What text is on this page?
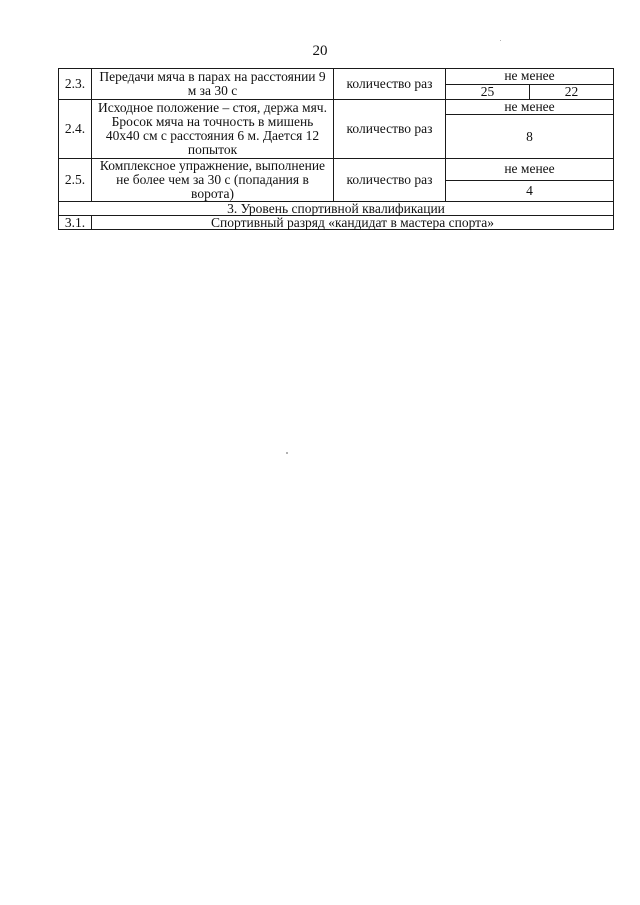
20
2.3.	Передачи мяча в парах на расстоянии 9 м за 30 с	количество раз	не менее	
			25	22
2.4.	Исходное положение – стоя, держа мяч. Бросок мяча на точность в мишень 40x40 см с расстояния 6 м. Дается 12 попыток	количество раз	не менее	
			8	
2.5.	Комплексное упражнение, выполнение не более чем за 30 с (попадания в ворота)	количество раз	не менее	
			4	
3. Уровень спортивной квалификации				
3.1.	Спортивный разряд «кандидат в мастера спорта»			
